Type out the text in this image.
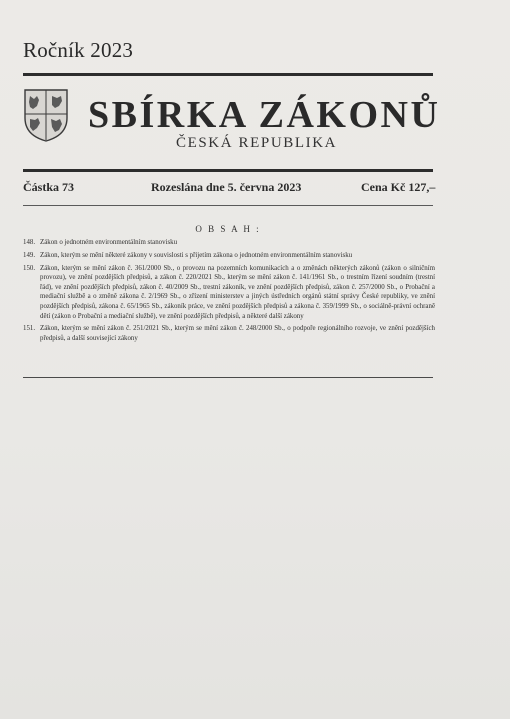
Ročník 2023
SBÍRKA ZÁKONŮ
ČESKÁ REPUBLIKA
Částka 73	Rozeslána dne 5. června 2023	Cena Kč 127,–
O B S A H :
148. Zákon o jednotném environmentálním stanovisku
149. Zákon, kterým se mění některé zákony v souvislosti s přijetím zákona o jednotném environmentálním stanovisku
150. Zákon, kterým se mění zákon č. 361/2000 Sb., o provozu na pozemních komunikacích a o změnách některých zákonů (zákon o silničním provozu), ve znění pozdějších předpisů, a zákon č. 220/2021 Sb., kterým se mění zákon č. 141/1961 Sb., o trestním řízení soudním (trestní řád), ve znění pozdějších předpisů, zákon č. 40/2009 Sb., trestní zákoník, ve znění pozdějších předpisů, zákon č. 257/2000 Sb., o Probační a mediační službě a o změně zákona č. 2/1969 Sb., o zřízení ministerstev a jiných ústředních orgánů státní správy České republiky, ve znění pozdějších předpisů, zákona č. 65/1965 Sb., zákoník práce, ve znění pozdějších předpisů a zákona č. 359/1999 Sb., o sociálně-právní ochraně dětí (zákon o Probační a mediační službě), ve znění pozdějších předpisů, a některé další zákony
151. Zákon, kterým se mění zákon č. 251/2021 Sb., kterým se mění zákon č. 248/2000 Sb., o podpoře regionálního rozvoje, ve znění pozdějších předpisů, a další související zákony
